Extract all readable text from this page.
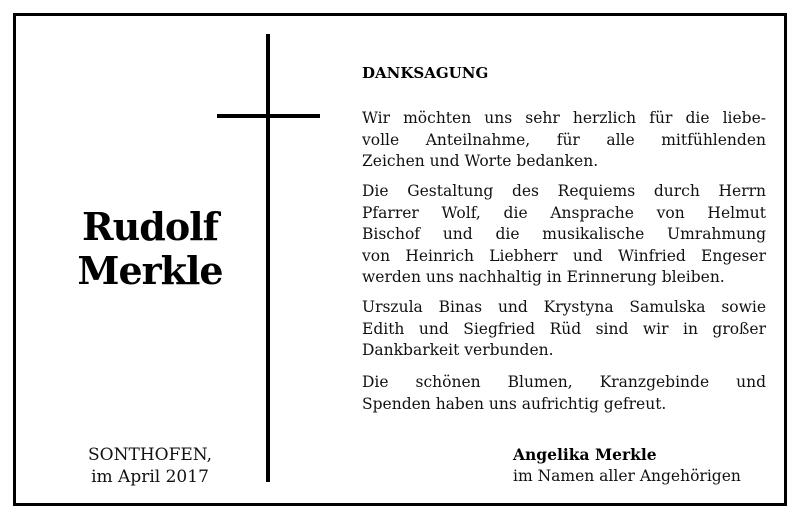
Rudolf
Merkle
SONTHOFEN,
im April 2017
DANKSAGUNG
Wir möchten uns sehr herzlich für die liebe-
volle Anteilnahme, für alle mitfühlenden
Zeichen und Worte bedanken.
Die Gestaltung des Requiems durch Herrn
Pfarrer Wolf, die Ansprache von Helmut
Bischof und die musikalische Umrahmung
von Heinrich Liebherr und Winfried Engeser
werden uns nachhaltig in Erinnerung bleiben.
Urszula Binas und Krystyna Samulska sowie
Edith und Siegfried Rüd sind wir in großer
Dankbarkeit verbunden.
Die schönen Blumen, Kranzgebinde und
Spenden haben uns aufrichtig gefreut.
Angelika Merkle
im Namen aller Angehörigen
